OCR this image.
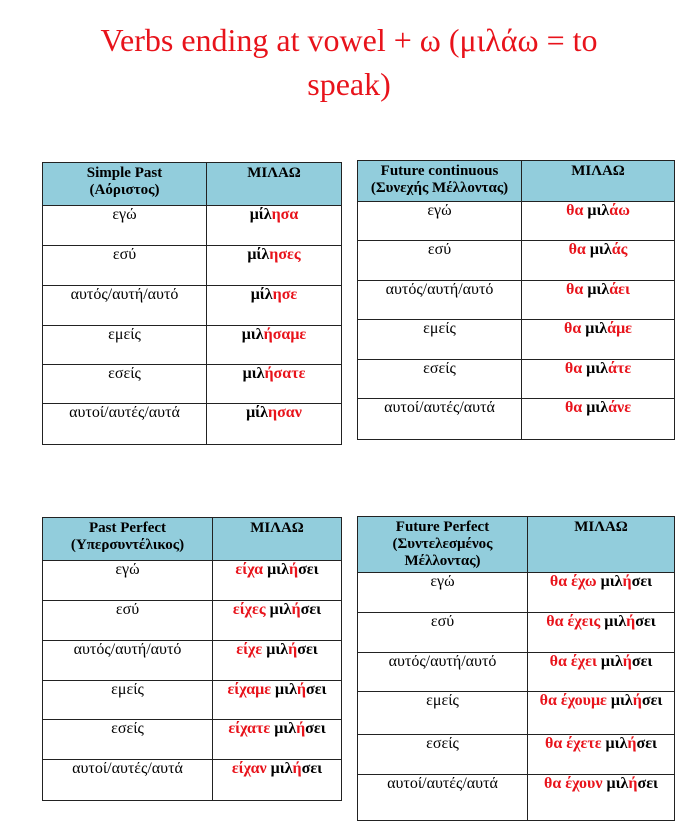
Verbs ending at vowel + ω (μιλάω = to
speak)
Simple Past
(Αόριστος)	ΜΙΛΑΩ
εγώ	μίλησα
εσύ	μίλησες
αυτός/αυτή/αυτό	μίλησε
εμείς	μιλήσαμε
εσείς	μιλήσατε
αυτοί/αυτές/αυτά	μίλησαν
Future continuous
(Συνεχής Μέλλοντας)	ΜΙΛΑΩ
εγώ	θα μιλάω
εσύ	θα μιλάς
αυτός/αυτή/αυτό	θα μιλάει
εμείς	θα μιλάμε
εσείς	θα μιλάτε
αυτοί/αυτές/αυτά	θα μιλάνε
Past Perfect
(Υπερσυντέλικος)	ΜΙΛΑΩ
εγώ	είχα μιλήσει
εσύ	είχες μιλήσει
αυτός/αυτή/αυτό	είχε μιλήσει
εμείς	είχαμε μιλήσει
εσείς	είχατε μιλήσει
αυτοί/αυτές/αυτά	είχαν μιλήσει
Future Perfect
(Συντελεσμένος Μέλλοντας)	ΜΙΛΑΩ
εγώ	θα έχω μιλήσει
εσύ	θα έχεις μιλήσει
αυτός/αυτή/αυτό	θα έχει μιλήσει
εμείς	θα έχουμε μιλήσει
εσείς	θα έχετε μιλήσει
αυτοί/αυτές/αυτά	θα έχουν μιλήσει
